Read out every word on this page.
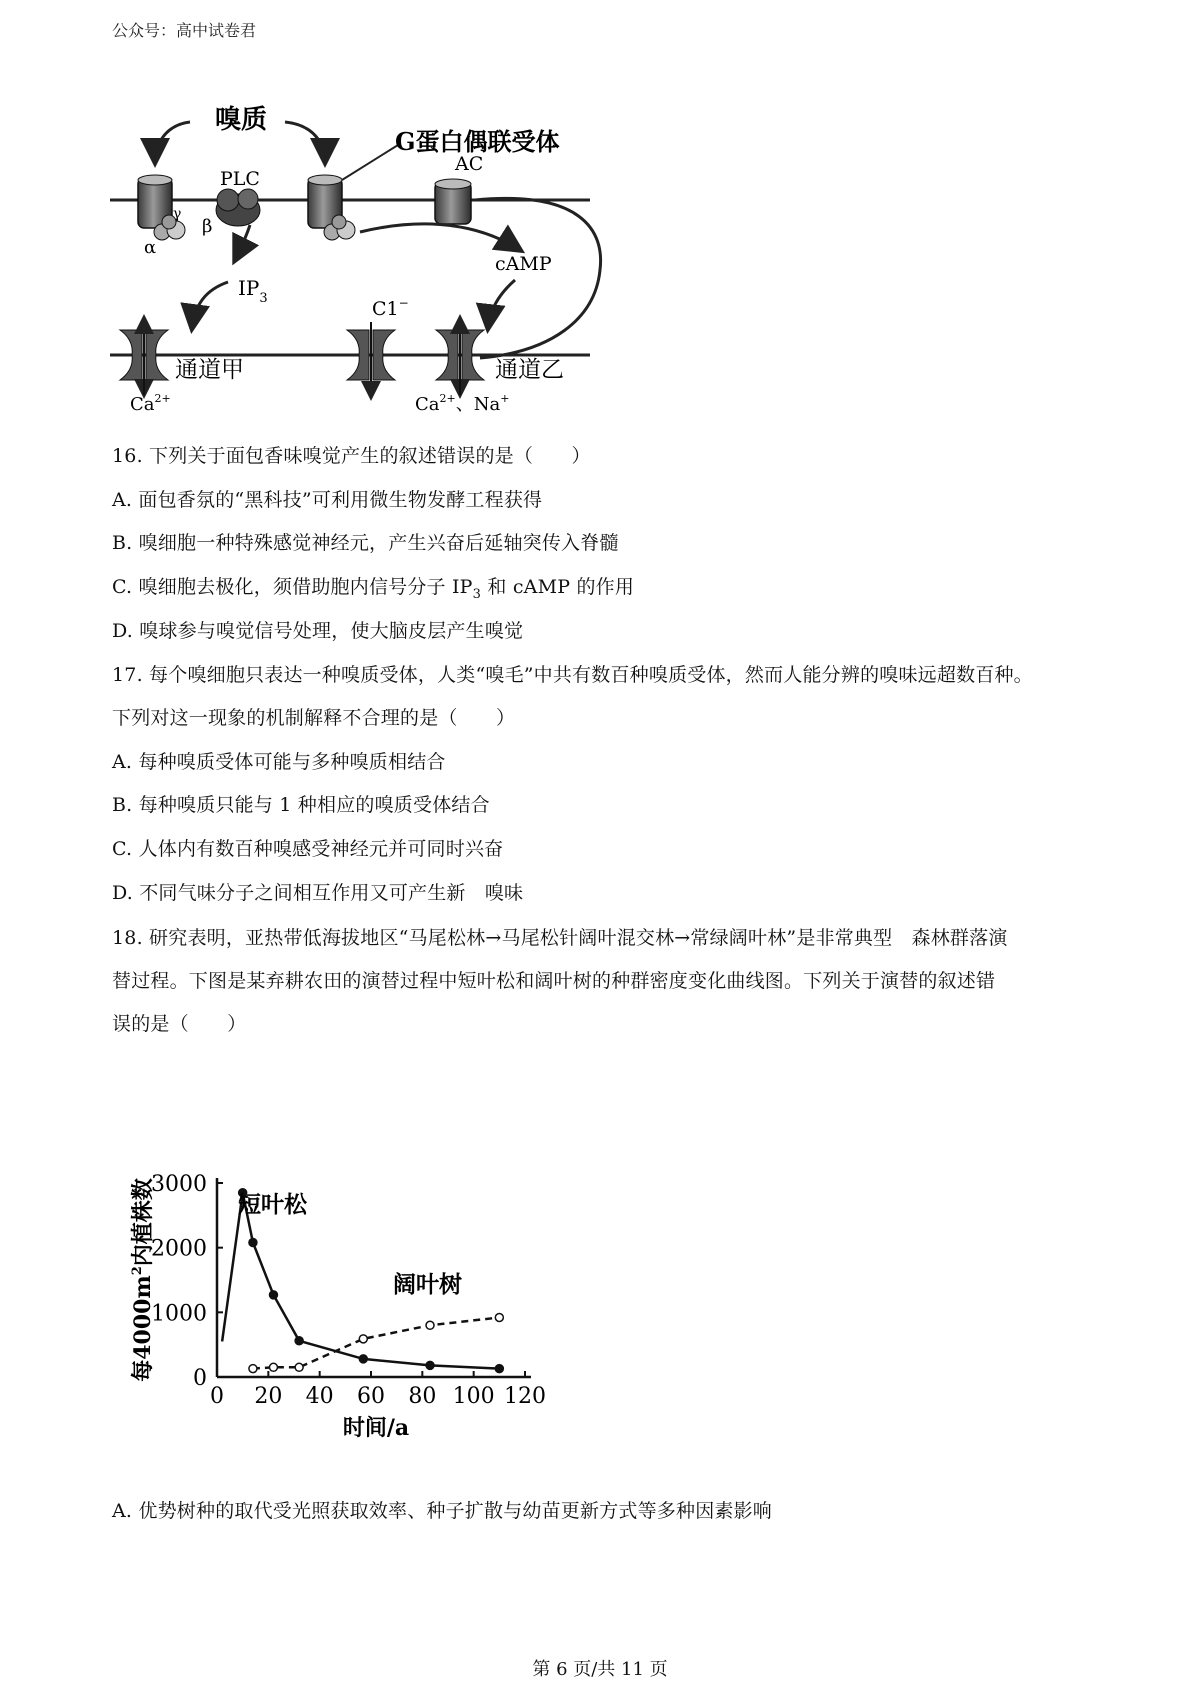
公众号：高中试卷君
嗅质
α
γ
β
PLC
G蛋白偶联受体
AC
$IP_3$
cAMP
通道甲
$Ca^{2+}$
C1−
通道乙
$Ca^{2+}$、Na+
16. 下列关于面包香味嗅觉产生的叙述错误的是（　　）
A. 面包香氛的“黑科技”可利用微生物发酵工程获得
B. 嗅细胞一种特殊感觉神经元，产生兴奋后延轴突传入脊髓
C. 嗅细胞去极化，须借助胞内信号分子 $IP_3$ 和 cAMP 的作用
D. 嗅球参与嗅觉信号处理，使大脑皮层产生嗅觉
17. 每个嗅细胞只表达一种嗅质受体，人类“嗅毛”中共有数百种嗅质受体，然而人能分辨的嗅味远超数百种。
下列对这一现象的机制解释不合理的是（　　）
A. 每种嗅质受体可能与多种嗅质相结合
B. 每种嗅质只能与 1 种相应的嗅质受体结合
C. 人体内有数百种嗅感受神经元并可同时兴奋
D. 不同气味分子之间相互作用又可产生新　嗅味
18. 研究表明，亚热带低海拔地区“马尾松林→马尾松针阔叶混交林→常绿阔叶林”是非常典型　森林群落演
替过程。下图是某弃耕农田的演替过程中短叶松和阔叶树的种群密度变化曲线图。下列关于演替的叙述错
误的是（　　）
0
1000
2000
3000
0 20 40 60 80 100 120
时间/a
每$4000m^2$内植株数	短叶松
阔叶树
A. 优势树种的取代受光照获取效率、种子扩散与幼苗更新方式等多种因素影响
第 6 页/共 11 页
